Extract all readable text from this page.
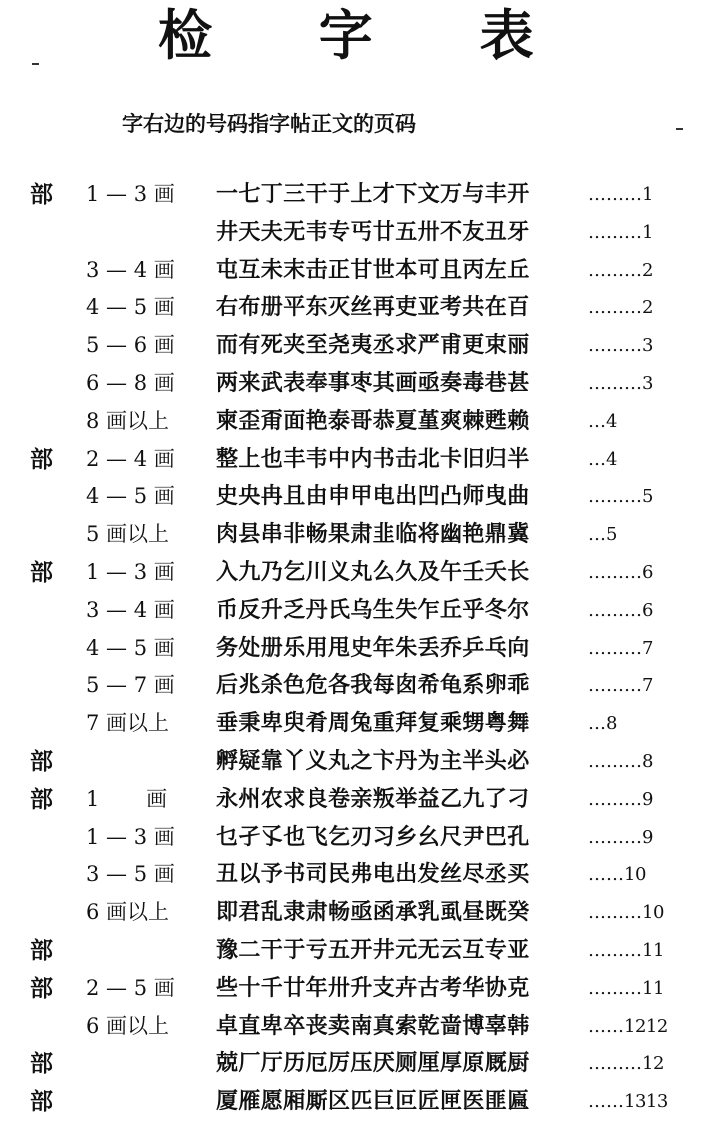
检 字 表
字右边的号码指字帖正文的页码
部 1 — 3 画	一七丁三干于上才下文万与丰开	………1
井天夫无韦专丐廿五卅不友丑牙	………1
3 — 4 画	屯互未末击正甘世本可且丙左丘	………2
4 — 5 画	右布册平东灭丝再吏亚考共在百	………2
5 — 6 画	而有死夹至尧夷丞求严甫更束丽	………3
6 — 8 画	两来武表奉事枣其画亟奏毒巷甚	………3
8 画以上	柬歪甭面艳泰哥恭夏堇爽棘甦赖	…4
部 2 — 4 画	整上也丰韦中内书击北卡旧归半	…4
4 — 5 画	史央冉且由申甲电出凹凸师曳曲	………5
5 画以上	肉县串非畅果肃韭临将幽艳鼎冀	…5
部 1 — 3 画	入九乃乞川义丸么久及午壬夭长	………6
3 — 4 画	币反升乏丹氏乌生失乍丘乎冬尔	………6
4 — 5 画	务处册乐用甩史年朱丢乔乒乓向	………7
5 — 7 画	后兆杀色危各我每囱希龟系卵乖	………7
7 画以上	垂秉卑臾肴周兔重拜复乘甥粤舞	…8
部	孵疑靠丫义丸之卞丹为主半头必	………8
部 1       画	永州农求良卷亲叛举益乙九了刁	………9
1 — 3 画	乜孑孓也飞乞刃习乡幺尺尹巴孔	………9
3 — 5 画	丑以予书司民弗电出发丝尽丞买	……10
6 画以上	即君乱隶肃畅亟函承乳虱昼既癸	………10
部	豫二干于亏五开井元无云互专亚	………11
部 2 — 5 画	些十千廿年卅升支卉古考华协克	………11
6 画以上	卓直卑卒丧卖南真索乾啬博辜韩	……1212
部	兢厂厅历厄厉压厌厕厘厚原厩厨	………12
部	厦雁愿厢厮区匹巨叵匠匣医匪匾	……1313
